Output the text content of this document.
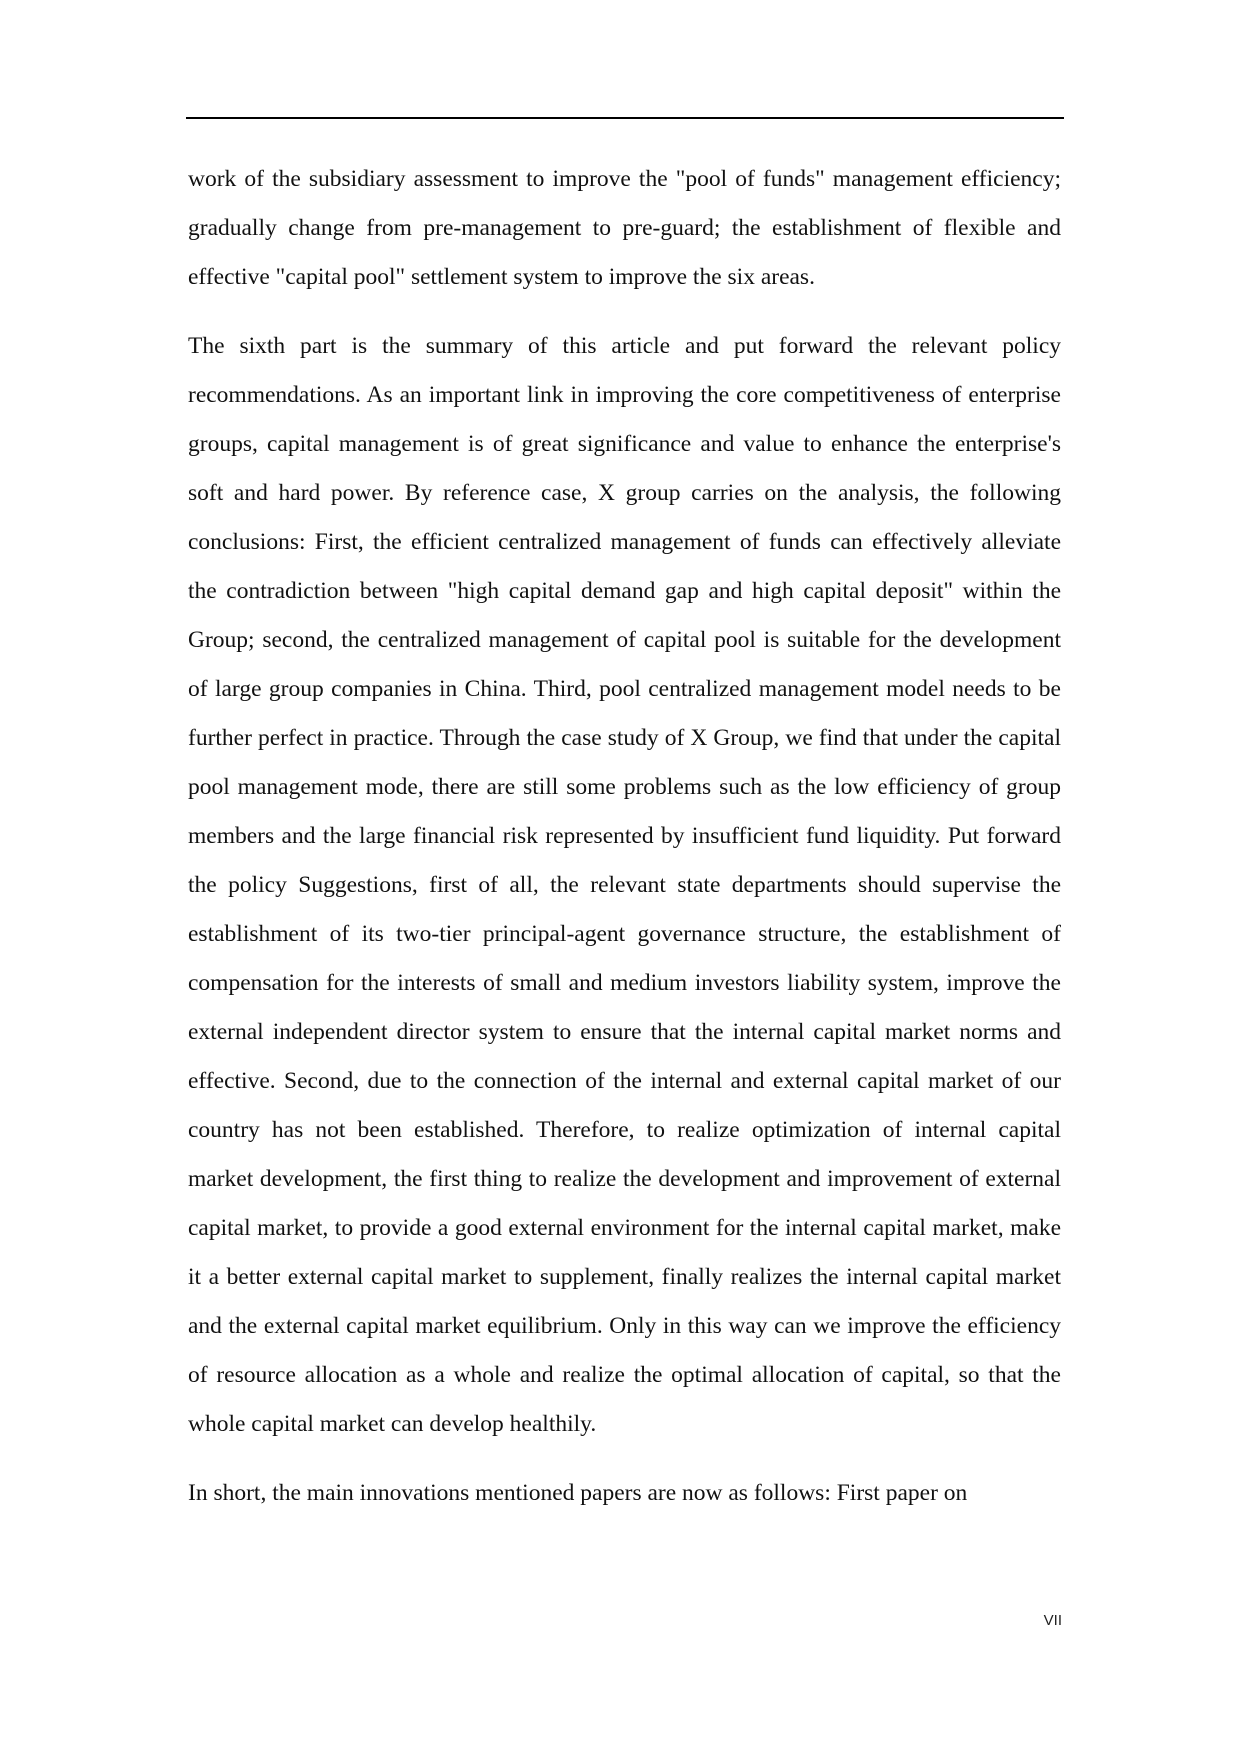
work of the subsidiary assessment to improve the "pool of funds" management efficiency; gradually change from pre-management to pre-guard; the establishment of flexible and effective "capital pool" settlement system to improve the six areas.

The sixth part is the summary of this article and put forward the relevant policy recommendations. As an important link in improving the core competitiveness of enterprise groups, capital management is of great significance and value to enhance the enterprise's soft and hard power. By reference case, X group carries on the analysis, the following conclusions: First, the efficient centralized management of funds can effectively alleviate the contradiction between "high capital demand gap and high capital deposit" within the Group; second, the centralized management of capital pool is suitable for the development of large group companies in China. Third, pool centralized management model needs to be further perfect in practice. Through the case study of X Group, we find that under the capital pool management mode, there are still some problems such as the low efficiency of group members and the large financial risk represented by insufficient fund liquidity. Put forward the policy Suggestions, first of all, the relevant state departments should supervise the establishment of its two-tier principal-agent governance structure, the establishment of compensation for the interests of small and medium investors liability system, improve the external independent director system to ensure that the internal capital market norms and effective. Second, due to the connection of the internal and external capital market of our country has not been established. Therefore, to realize optimization of internal capital market development, the first thing to realize the development and improvement of external capital market, to provide a good external environment for the internal capital market, make it a better external capital market to supplement, finally realizes the internal capital market and the external capital market equilibrium. Only in this way can we improve the efficiency of resource allocation as a whole and realize the optimal allocation of capital, so that the whole capital market can develop healthily.

In short, the main innovations mentioned papers are now as follows: First paper on

VII
